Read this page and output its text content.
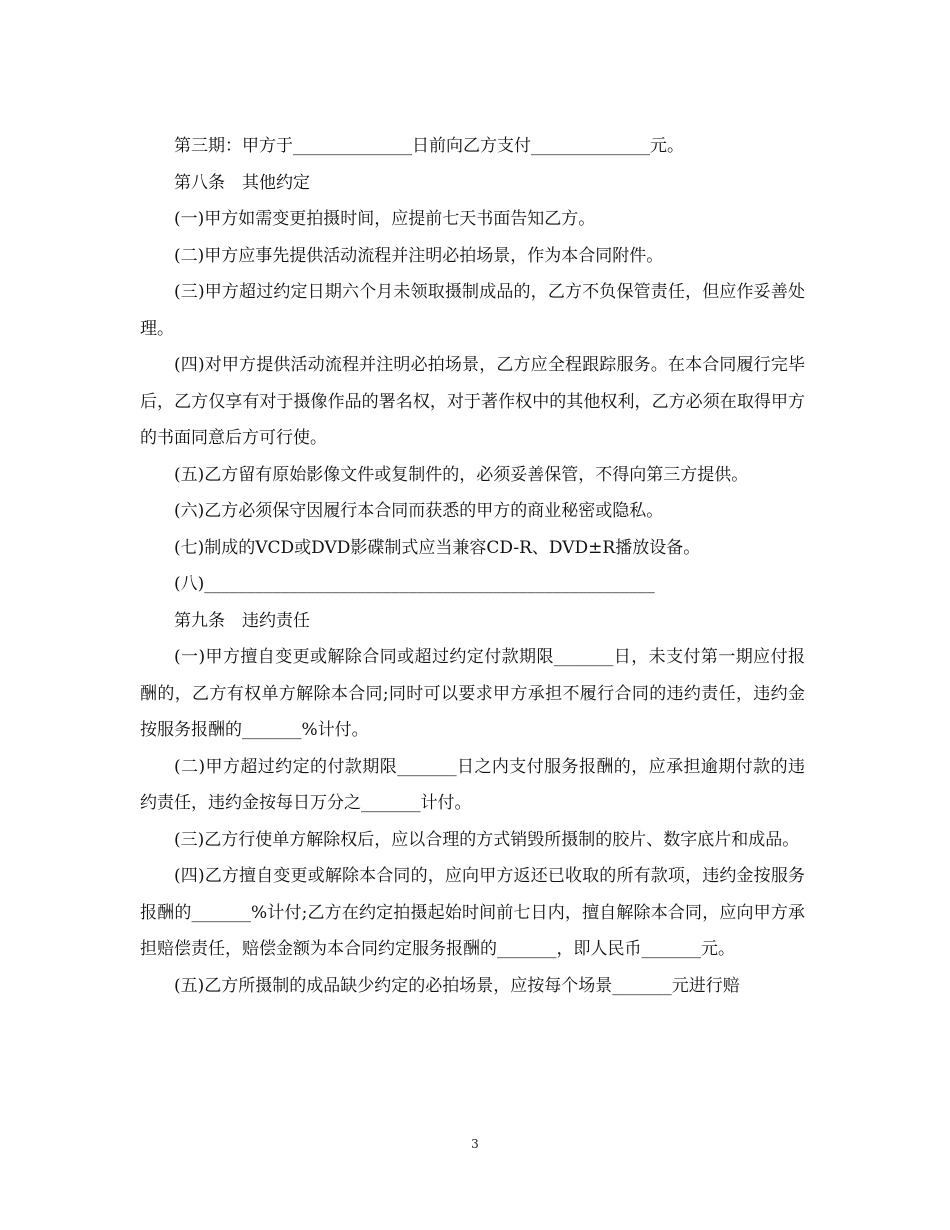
第三期：甲方于______________日前向乙方支付______________元。

第八条　其他约定

(一)甲方如需变更拍摄时间，应提前七天书面告知乙方。

(二)甲方应事先提供活动流程并注明必拍场景，作为本合同附件。

(三)甲方超过约定日期六个月未领取摄制成品的，乙方不负保管责任，但应作妥善处理。

(四)对甲方提供活动流程并注明必拍场景，乙方应全程跟踪服务。在本合同履行完毕后，乙方仅享有对于摄像作品的署名权，对于著作权中的其他权利，乙方必须在取得甲方的书面同意后方可行使。

(五)乙方留有原始影像文件或复制件的，必须妥善保管，不得向第三方提供。

(六)乙方必须保守因履行本合同而获悉的甲方的商业秘密或隐私。

(七)制成的VCD或DVD影碟制式应当兼容CD-R、DVD±R播放设备。

(八)_____________________________________________________

第九条　违约责任

(一)甲方擅自变更或解除合同或超过约定付款期限_______日，未支付第一期应付报酬的，乙方有权单方解除本合同;同时可以要求甲方承担不履行合同的违约责任，违约金按服务报酬的_______%计付。

(二)甲方超过约定的付款期限_______日之内支付服务报酬的，应承担逾期付款的违约责任，违约金按每日万分之_______计付。

(三)乙方行使单方解除权后，应以合理的方式销毁所摄制的胶片、数字底片和成品。

(四)乙方擅自变更或解除本合同的，应向甲方返还已收取的所有款项，违约金按服务报酬的_______%计付;乙方在约定拍摄起始时间前七日内，擅自解除本合同，应向甲方承担赔偿责任，赔偿金额为本合同约定服务报酬的_______，即人民币_______元。

(五)乙方所摄制的成品缺少约定的必拍场景，应按每个场景_______元进行赔

3
